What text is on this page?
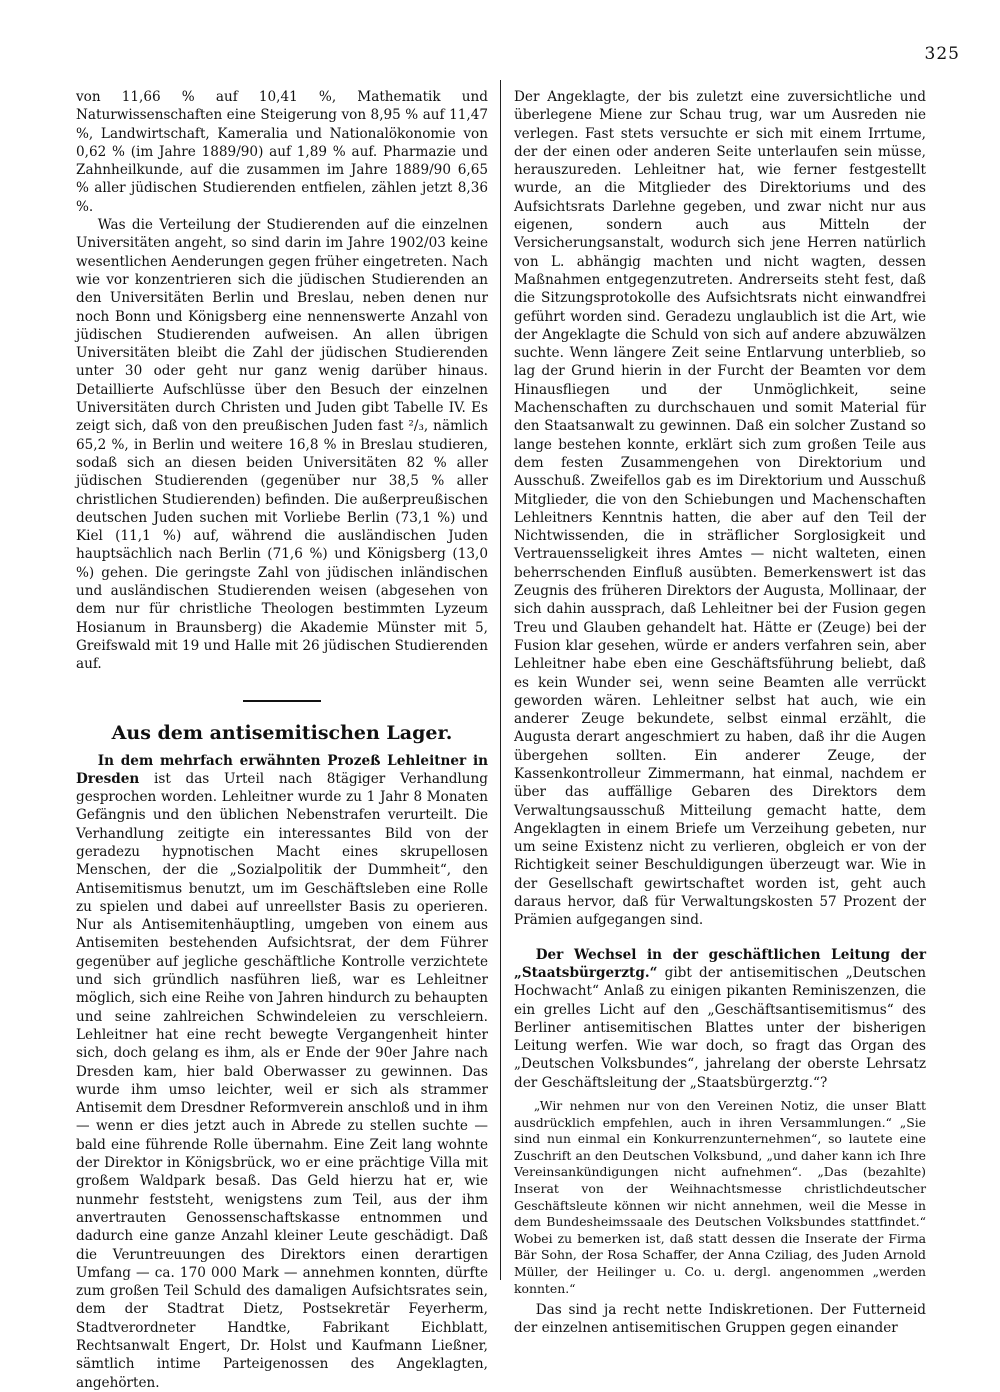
325

von 11,66 % auf 10,41 %, Mathematik und Naturwissenschaften eine Steigerung von 8,95 % auf 11,47 %, Landwirtschaft, Kameralia und Nationalökonomie von 0,62 % (im Jahre 1889/90) auf 1,89 % auf. Pharmazie und Zahnheilkunde, auf die zusammen im Jahre 1889/90 6,65 % aller jüdischen Studierenden entfielen, zählen jetzt 8,36 %.

Was die Verteilung der Studierenden auf die einzelnen Universitäten angeht, so sind darin im Jahre 1902/03 keine wesentlichen Aenderungen gegen früher eingetreten. Nach wie vor konzentrieren sich die jüdischen Studierenden an den Universitäten Berlin und Breslau, neben denen nur noch Bonn und Königsberg eine nennenswerte Anzahl von jüdischen Studierenden aufweisen. An allen übrigen Universitäten bleibt die Zahl der jüdischen Studierenden unter 30 oder geht nur ganz wenig darüber hinaus. Detaillierte Aufschlüsse über den Besuch der einzelnen Universitäten durch Christen und Juden gibt Tabelle IV. Es zeigt sich, daß von den preußischen Juden fast ²/₃, nämlich 65,2 %, in Berlin und weitere 16,8 % in Breslau studieren, sodaß sich an diesen beiden Universitäten 82 % aller jüdischen Studierenden (gegenüber nur 38,5 % aller christlichen Studierenden) befinden. Die außerpreußischen deutschen Juden suchen mit Vorliebe Berlin (73,1 %) und Kiel (11,1 %) auf, während die ausländischen Juden hauptsächlich nach Berlin (71,6 %) und Königsberg (13,0 %) gehen. Die geringste Zahl von jüdischen inländischen und ausländischen Studierenden weisen (abgesehen von dem nur für christliche Theologen bestimmten Lyzeum Hosianum in Braunsberg) die Akademie Münster mit 5, Greifswald mit 19 und Halle mit 26 jüdischen Studierenden auf.

Aus dem antisemitischen Lager.

In dem mehrfach erwähnten Prozeß Lehleitner in Dresden ist das Urteil nach 8tägiger Verhandlung gesprochen worden. Lehleitner wurde zu 1 Jahr 8 Monaten Gefängnis und den üblichen Nebenstrafen verurteilt. Die Verhandlung zeitigte ein interessantes Bild von der geradezu hypnotischen Macht eines skrupellosen Menschen, der die „Sozialpolitik der Dummheit“, den Antisemitismus benutzt, um im Geschäftsleben eine Rolle zu spielen und dabei auf unreellster Basis zu operieren. Nur als Antisemitenhäuptling, umgeben von einem aus Antisemiten bestehenden Aufsichtsrat, der dem Führer gegenüber auf jegliche geschäftliche Kontrolle verzichtete und sich gründlich nasführen ließ, war es Lehleitner möglich, sich eine Reihe von Jahren hindurch zu behaupten und seine zahlreichen Schwindeleien zu verschleiern. Lehleitner hat eine recht bewegte Vergangenheit hinter sich, doch gelang es ihm, als er Ende der 90er Jahre nach Dresden kam, hier bald Oberwasser zu gewinnen. Das wurde ihm umso leichter, weil er sich als strammer Antisemit dem Dresdner Reformverein anschloß und in ihm — wenn er dies jetzt auch in Abrede zu stellen suchte — bald eine führende Rolle übernahm. Eine Zeit lang wohnte der Direktor in Königsbrück, wo er eine prächtige Villa mit großem Waldpark besaß. Das Geld hierzu hat er, wie nunmehr feststeht, wenigstens zum Teil, aus der ihm anvertrauten Genossenschaftskasse entnommen und dadurch eine ganze Anzahl kleiner Leute geschädigt. Daß die Veruntreuungen des Direktors einen derartigen Umfang — ca. 170 000 Mark — annehmen konnten, dürfte zum großen Teil Schuld des damaligen Aufsichtsrates sein, dem der Stadtrat Dietz, Postsekretär Feyerherm, Stadtverordneter Handtke, Fabrikant Eichblatt, Rechtsanwalt Engert, Dr. Holst und Kaufmann Ließner, sämtlich intime Parteigenossen des Angeklagten, angehörten.

Der Angeklagte, der bis zuletzt eine zuversichtliche und überlegene Miene zur Schau trug, war um Ausreden nie verlegen. Fast stets versuchte er sich mit einem Irrtume, der der einen oder anderen Seite unterlaufen sein müsse, herauszureden. Lehleitner hat, wie ferner festgestellt wurde, an die Mitglieder des Direktoriums und des Aufsichtsrats Darlehne gegeben, und zwar nicht nur aus eigenen, sondern auch aus Mitteln der Versicherungsanstalt, wodurch sich jene Herren natürlich von L. abhängig machten und nicht wagten, dessen Maßnahmen entgegenzutreten. Andrerseits steht fest, daß die Sitzungsprotokolle des Aufsichtsrats nicht einwandfrei geführt worden sind. Geradezu unglaublich ist die Art, wie der Angeklagte die Schuld von sich auf andere abzuwälzen suchte. Wenn längere Zeit seine Entlarvung unterblieb, so lag der Grund hierin in der Furcht der Beamten vor dem Hinausfliegen und der Unmöglichkeit, seine Machenschaften zu durchschauen und somit Material für den Staatsanwalt zu gewinnen. Daß ein solcher Zustand so lange bestehen konnte, erklärt sich zum großen Teile aus dem festen Zusammengehen von Direktorium und Ausschuß. Zweifellos gab es im Direktorium und Ausschuß Mitglieder, die von den Schiebungen und Machenschaften Lehleitners Kenntnis hatten, die aber auf den Teil der Nichtwissenden, die in sträflicher Sorglosigkeit und Vertrauensseligkeit ihres Amtes — nicht walteten, einen beherrschenden Einfluß ausübten. Bemerkenswert ist das Zeugnis des früheren Direktors der Augusta, Mollinaar, der sich dahin aussprach, daß Lehleitner bei der Fusion gegen Treu und Glauben gehandelt hat. Hätte er (Zeuge) bei der Fusion klar gesehen, würde er anders verfahren sein, aber Lehleitner habe eben eine Geschäftsführung beliebt, daß es kein Wunder sei, wenn seine Beamten alle verrückt geworden wären. Lehleitner selbst hat auch, wie ein anderer Zeuge bekundete, selbst einmal erzählt, die Augusta derart angeschmiert zu haben, daß ihr die Augen übergehen sollten. Ein anderer Zeuge, der Kassenkontrolleur Zimmermann, hat einmal, nachdem er über das auffällige Gebaren des Direktors dem Verwaltungsausschuß Mitteilung gemacht hatte, dem Angeklagten in einem Briefe um Verzeihung gebeten, nur um seine Existenz nicht zu verlieren, obgleich er von der Richtigkeit seiner Beschuldigungen überzeugt war. Wie in der Gesellschaft gewirtschaftet worden ist, geht auch daraus hervor, daß für Verwaltungskosten 57 Prozent der Prämien aufgegangen sind.

Der Wechsel in der geschäftlichen Leitung der „Staatsbürgerztg.“ gibt der antisemitischen „Deutschen Hochwacht“ Anlaß zu einigen pikanten Reminiszenzen, die ein grelles Licht auf den „Geschäftsantisemitismus“ des Berliner antisemitischen Blattes unter der bisherigen Leitung werfen. Wie war doch, so fragt das Organ des „Deutschen Volksbundes“, jahrelang der oberste Lehrsatz der Geschäftsleitung der „Staatsbürgerztg.“?

„Wir nehmen nur von den Vereinen Notiz, die unser Blatt ausdrücklich empfehlen, auch in ihren Versammlungen.“ „Sie sind nun einmal ein Konkurrenzunternehmen“, so lautete eine Zuschrift an den Deutschen Volksbund, „und daher kann ich Ihre Vereinsankündigungen nicht aufnehmen“. „Das (bezahlte) Inserat von der Weihnachtsmesse christlichdeutscher Geschäftsleute können wir nicht annehmen, weil die Messe in dem Bundesheimssaale des Deutschen Volksbundes stattfindet.“ Wobei zu bemerken ist, daß statt dessen die Inserate der Firma Bär Sohn, der Rosa Schaffer, der Anna Cziliag, des Juden Arnold Müller, der Heilinger u. Co. u. dergl. angenommen „werden konnten.“

Das sind ja recht nette Indiskretionen. Der Futterneid der einzelnen antisemitischen Gruppen gegen einander
